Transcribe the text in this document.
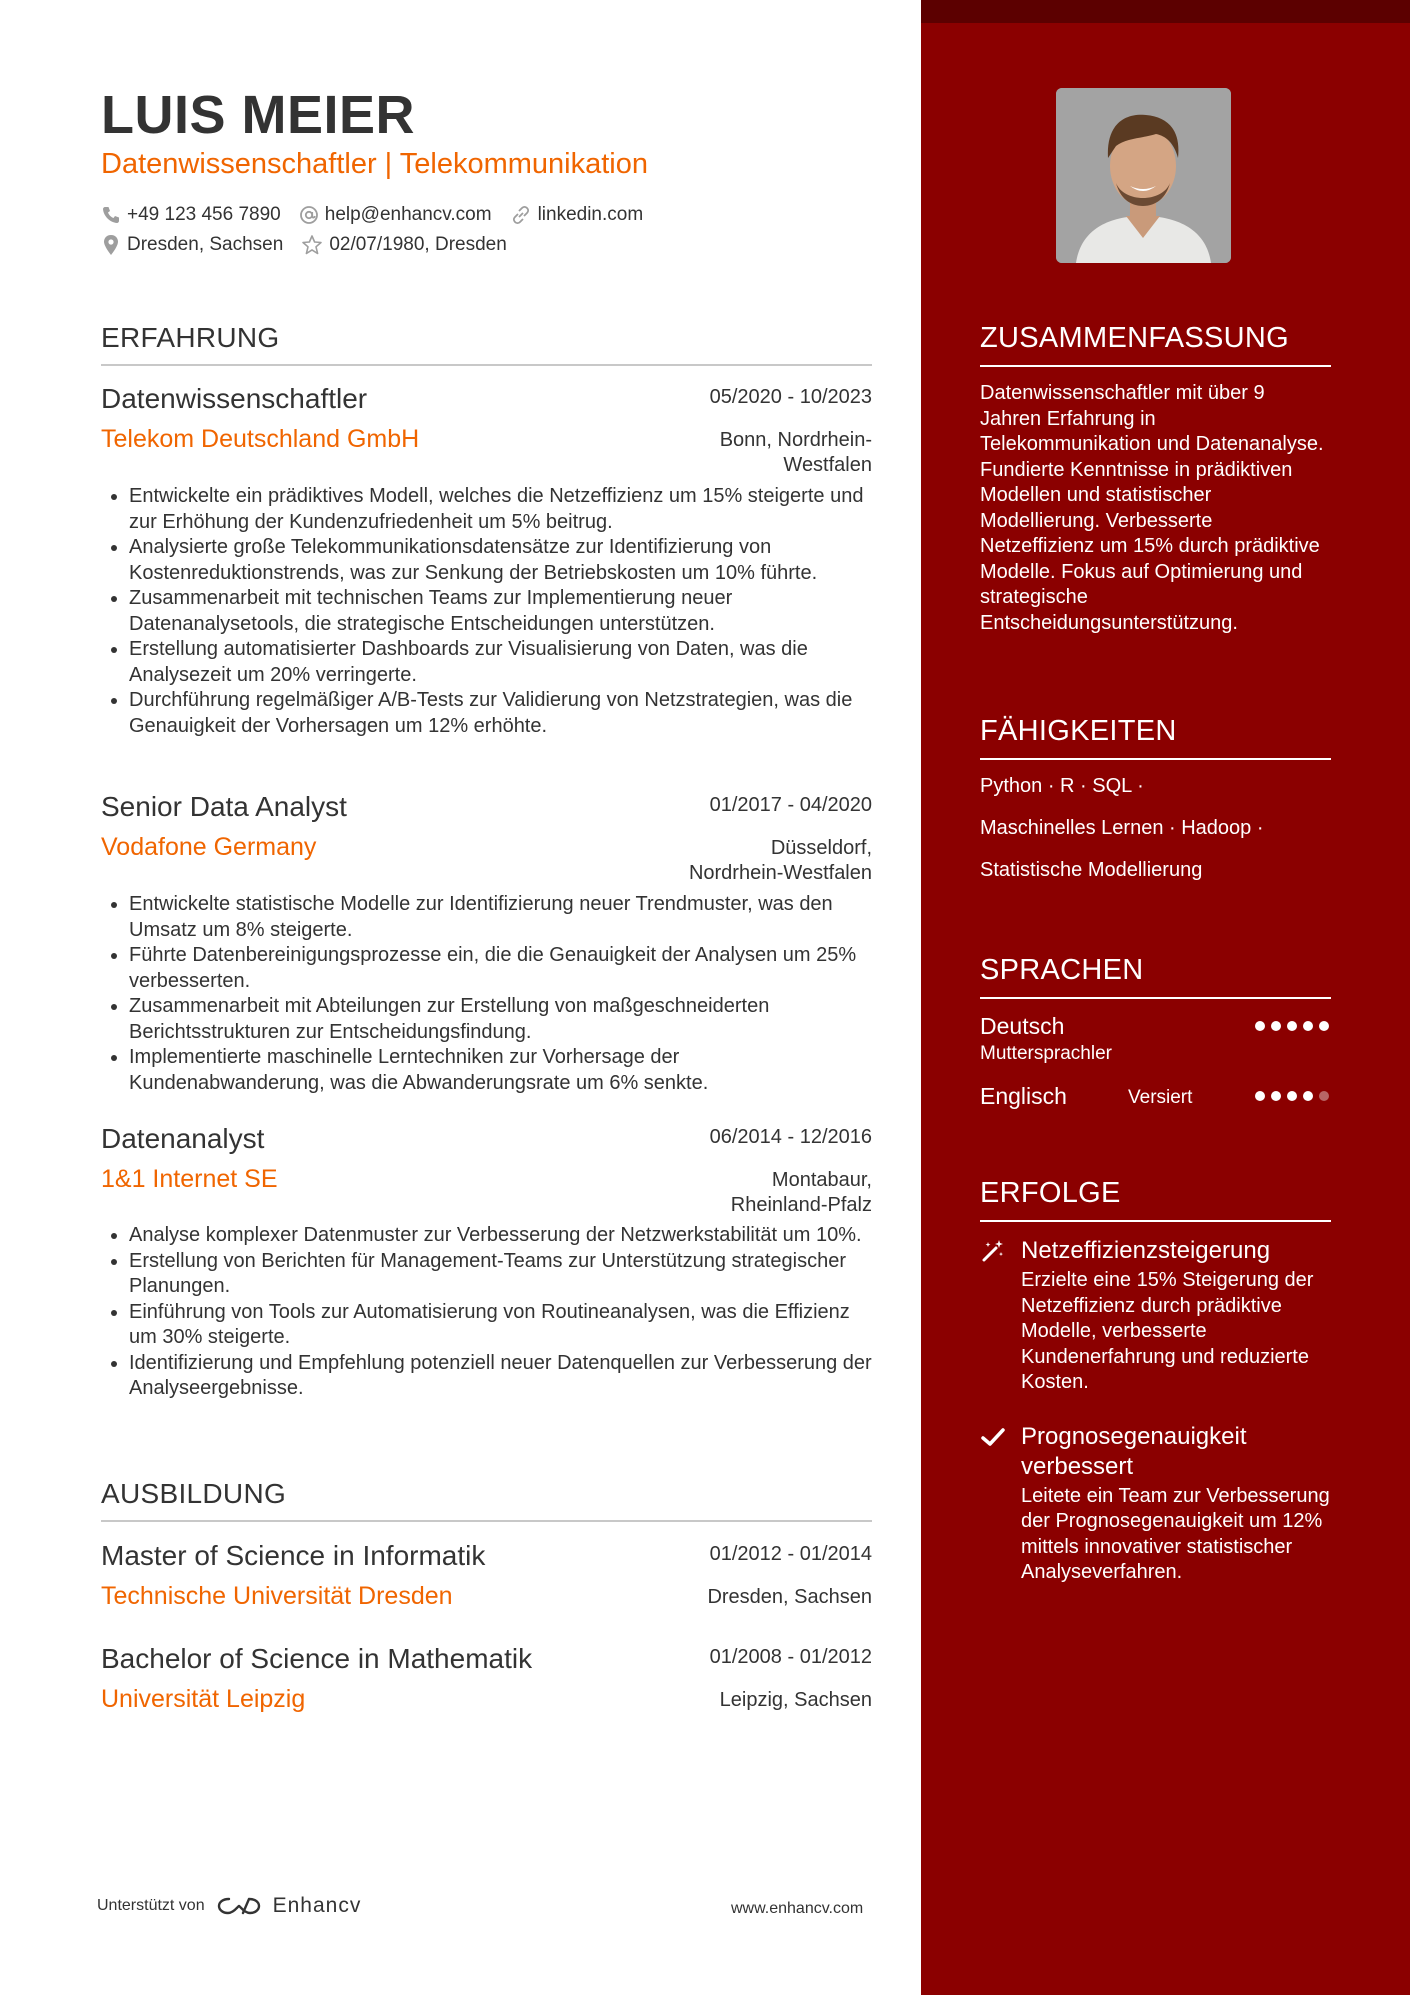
LUIS MEIER
Datenwissenschaftler | Telekommunikation
+49 123 456 7890 help@enhancv.com linkedin.com
Dresden, Sachsen 02/07/1980, Dresden
ERFAHRUNG
Datenwissenschaftler	05/2020 - 10/2023
Telekom Deutschland GmbH	Bonn, Nordrhein-
Westfalen
• Entwickelte ein prädiktives Modell, welches die Netzeffizienz um 15% steigerte und zur Erhöhung der Kundenzufriedenheit um 5% beitrug.
• Analysierte große Telekommunikationsdatensätze zur Identifizierung von Kostenreduktionstrends, was zur Senkung der Betriebskosten um 10% führte.
• Zusammenarbeit mit technischen Teams zur Implementierung neuer Datenanalysetools, die strategische Entscheidungen unterstützen.
• Erstellung automatisierter Dashboards zur Visualisierung von Daten, was die Analysezeit um 20% verringerte.
• Durchführung regelmäßiger A/B-Tests zur Validierung von Netzstrategien, was die Genauigkeit der Vorhersagen um 12% erhöhte.
Senior Data Analyst	01/2017 - 04/2020
Vodafone Germany	Düsseldorf,
Nordrhein-Westfalen
• Entwickelte statistische Modelle zur Identifizierung neuer Trendmuster, was den Umsatz um 8% steigerte.
• Führte Datenbereinigungsprozesse ein, die die Genauigkeit der Analysen um 25% verbesserten.
• Zusammenarbeit mit Abteilungen zur Erstellung von maßgeschneiderten Berichtsstrukturen zur Entscheidungsfindung.
• Implementierte maschinelle Lerntechniken zur Vorhersage der Kundenabwanderung, was die Abwanderungsrate um 6% senkte.
Datenanalyst	06/2014 - 12/2016
1&1 Internet SE	Montabaur,
Rheinland-Pfalz
• Analyse komplexer Datenmuster zur Verbesserung der Netzwerkstabilität um 10%.
• Erstellung von Berichten für Management-Teams zur Unterstützung strategischer Planungen.
• Einführung von Tools zur Automatisierung von Routineanalysen, was die Effizienz um 30% steigerte.
• Identifizierung und Empfehlung potenziell neuer Datenquellen zur Verbesserung der Analyseergebnisse.
AUSBILDUNG
Master of Science in Informatik	01/2012 - 01/2014
Technische Universität Dresden	Dresden, Sachsen
Bachelor of Science in Mathematik	01/2008 - 01/2012
Universität Leipzig	Leipzig, Sachsen
Unterstützt von	Enhancv	www.enhancv.com
ZUSAMMENFASSUNG
Datenwissenschaftler mit über 9 Jahren Erfahrung in Telekommunikation und Datenanalyse. Fundierte Kenntnisse in prädiktiven Modellen und statistischer Modellierung. Verbesserte Netzeffizienz um 15% durch prädiktive Modelle. Fokus auf Optimierung und strategische Entscheidungsunterstützung.
FÄHIGKEITEN
Python · R · SQL ·
Maschinelles Lernen · Hadoop ·
Statistische Modellierung
SPRACHEN
Deutsch
Muttersprachler
Englisch	Versiert
ERFOLGE
Netzeffizienzsteigerung
Erzielte eine 15% Steigerung der Netzeffizienz durch prädiktive Modelle, verbesserte Kundenerfahrung und reduzierte Kosten.
Prognosegenauigkeit verbessert
Leitete ein Team zur Verbesserung der Prognosegenauigkeit um 12% mittels innovativer statistischer Analyseverfahren.
